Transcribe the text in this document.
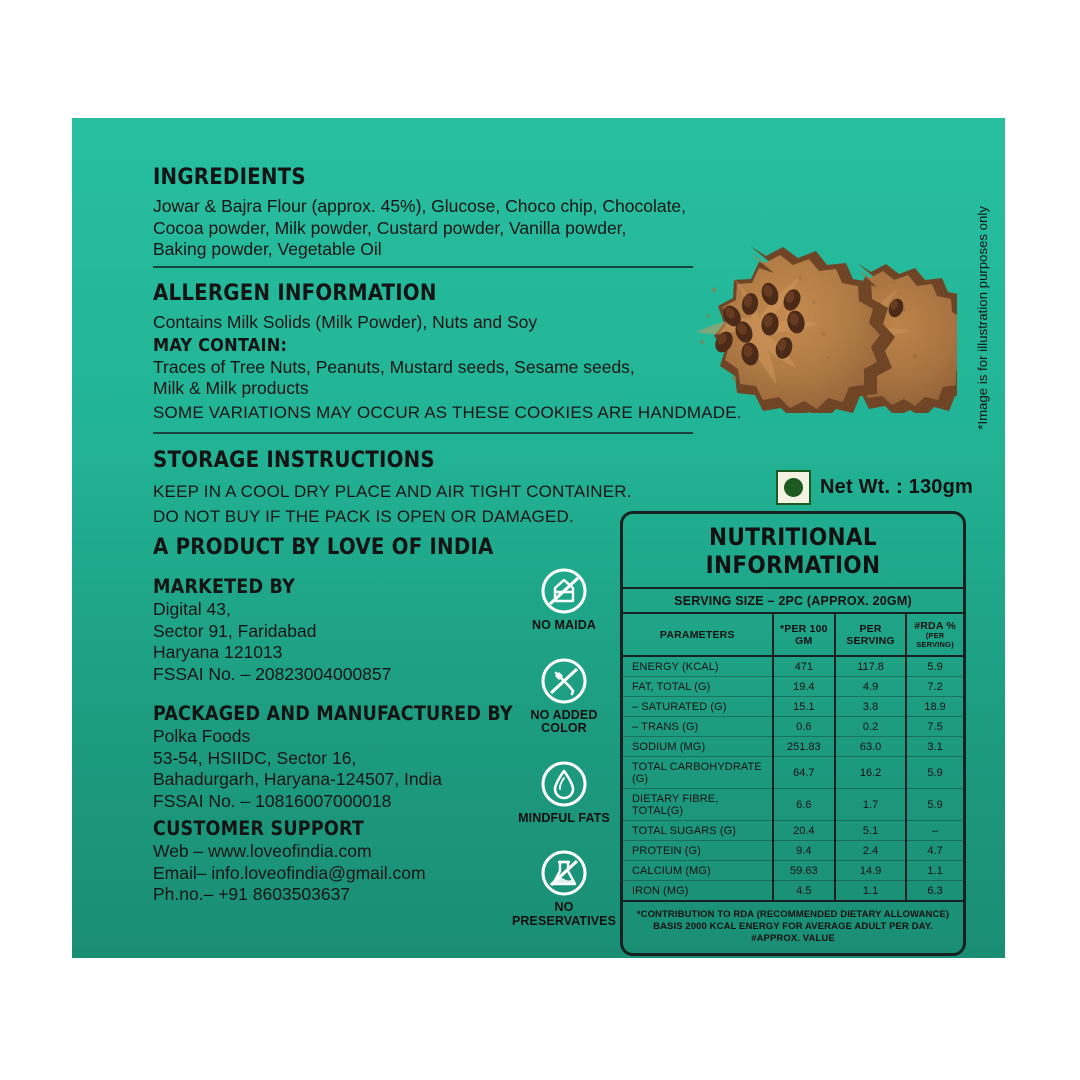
INGREDIENTS
Jowar & Bajra Flour (approx. 45%), Glucose, Choco chip, Chocolate,
Cocoa powder, Milk powder, Custard powder, Vanilla powder,
Baking powder, Vegetable Oil
ALLERGEN INFORMATION
Contains Milk Solids (Milk Powder), Nuts and Soy
MAY CONTAIN:
Traces of Tree Nuts, Peanuts, Mustard seeds, Sesame seeds,
Milk & Milk products
SOME VARIATIONS MAY OCCUR AS THESE COOKIES ARE HANDMADE.
STORAGE INSTRUCTIONS
KEEP IN A COOL DRY PLACE AND AIR TIGHT CONTAINER.
DO NOT BUY IF THE PACK IS OPEN OR DAMAGED.
A PRODUCT BY LOVE OF INDIA
MARKETED BY
Digital 43,
Sector 91, Faridabad
Haryana 121013
FSSAI No. – 20823004000857
PACKAGED AND MANUFACTURED BY
Polka Foods
53-54, HSIIDC, Sector 16,
Bahadurgarh, Haryana-124507, India
FSSAI No. – 10816007000018
CUSTOMER SUPPORT
Web – www.loveofindia.com
Email– info.loveofindia@gmail.com
Ph.no.– +91 8603503637
NO MAIDA
NO ADDED
COLOR
MINDFUL FATS
NO
PRESERVATIVES
Net Wt. : 130gm
NUTRITIONAL INFORMATION
SERVING SIZE – 2PC (APPROX. 20GM)
PARAMETERS	*PER 100 GM	PER SERVING	#RDA %
(PER SERVING)

ENERGY (KCAL)	471	117.8	5.9
FAT, TOTAL (G)	19.4	4.9	7.2
– SATURATED (G)	15.1	3.8	18.9
– TRANS (G)	0.6	0.2	7.5
SODIUM (MG)	251.83	63.0	3.1
TOTAL CARBOHYDRATE (G)	64.7	16.2	5.9
DIETARY FIBRE, TOTAL(G)	6.6	1.7	5.9
TOTAL SUGARS (G)	20.4	5.1	–
PROTEIN (G)	9.4	2.4	4.7
CALCIUM (MG)	59.63	14.9	1.1
IRON (MG)	4.5	1.1	6.3
*CONTRIBUTION TO RDA (RECOMMENDED DIETARY ALLOWANCE)
BASIS 2000 KCAL ENERGY FOR AVERAGE ADULT PER DAY.
#APPROX. VALUE
*Image is for illustration purposes only
